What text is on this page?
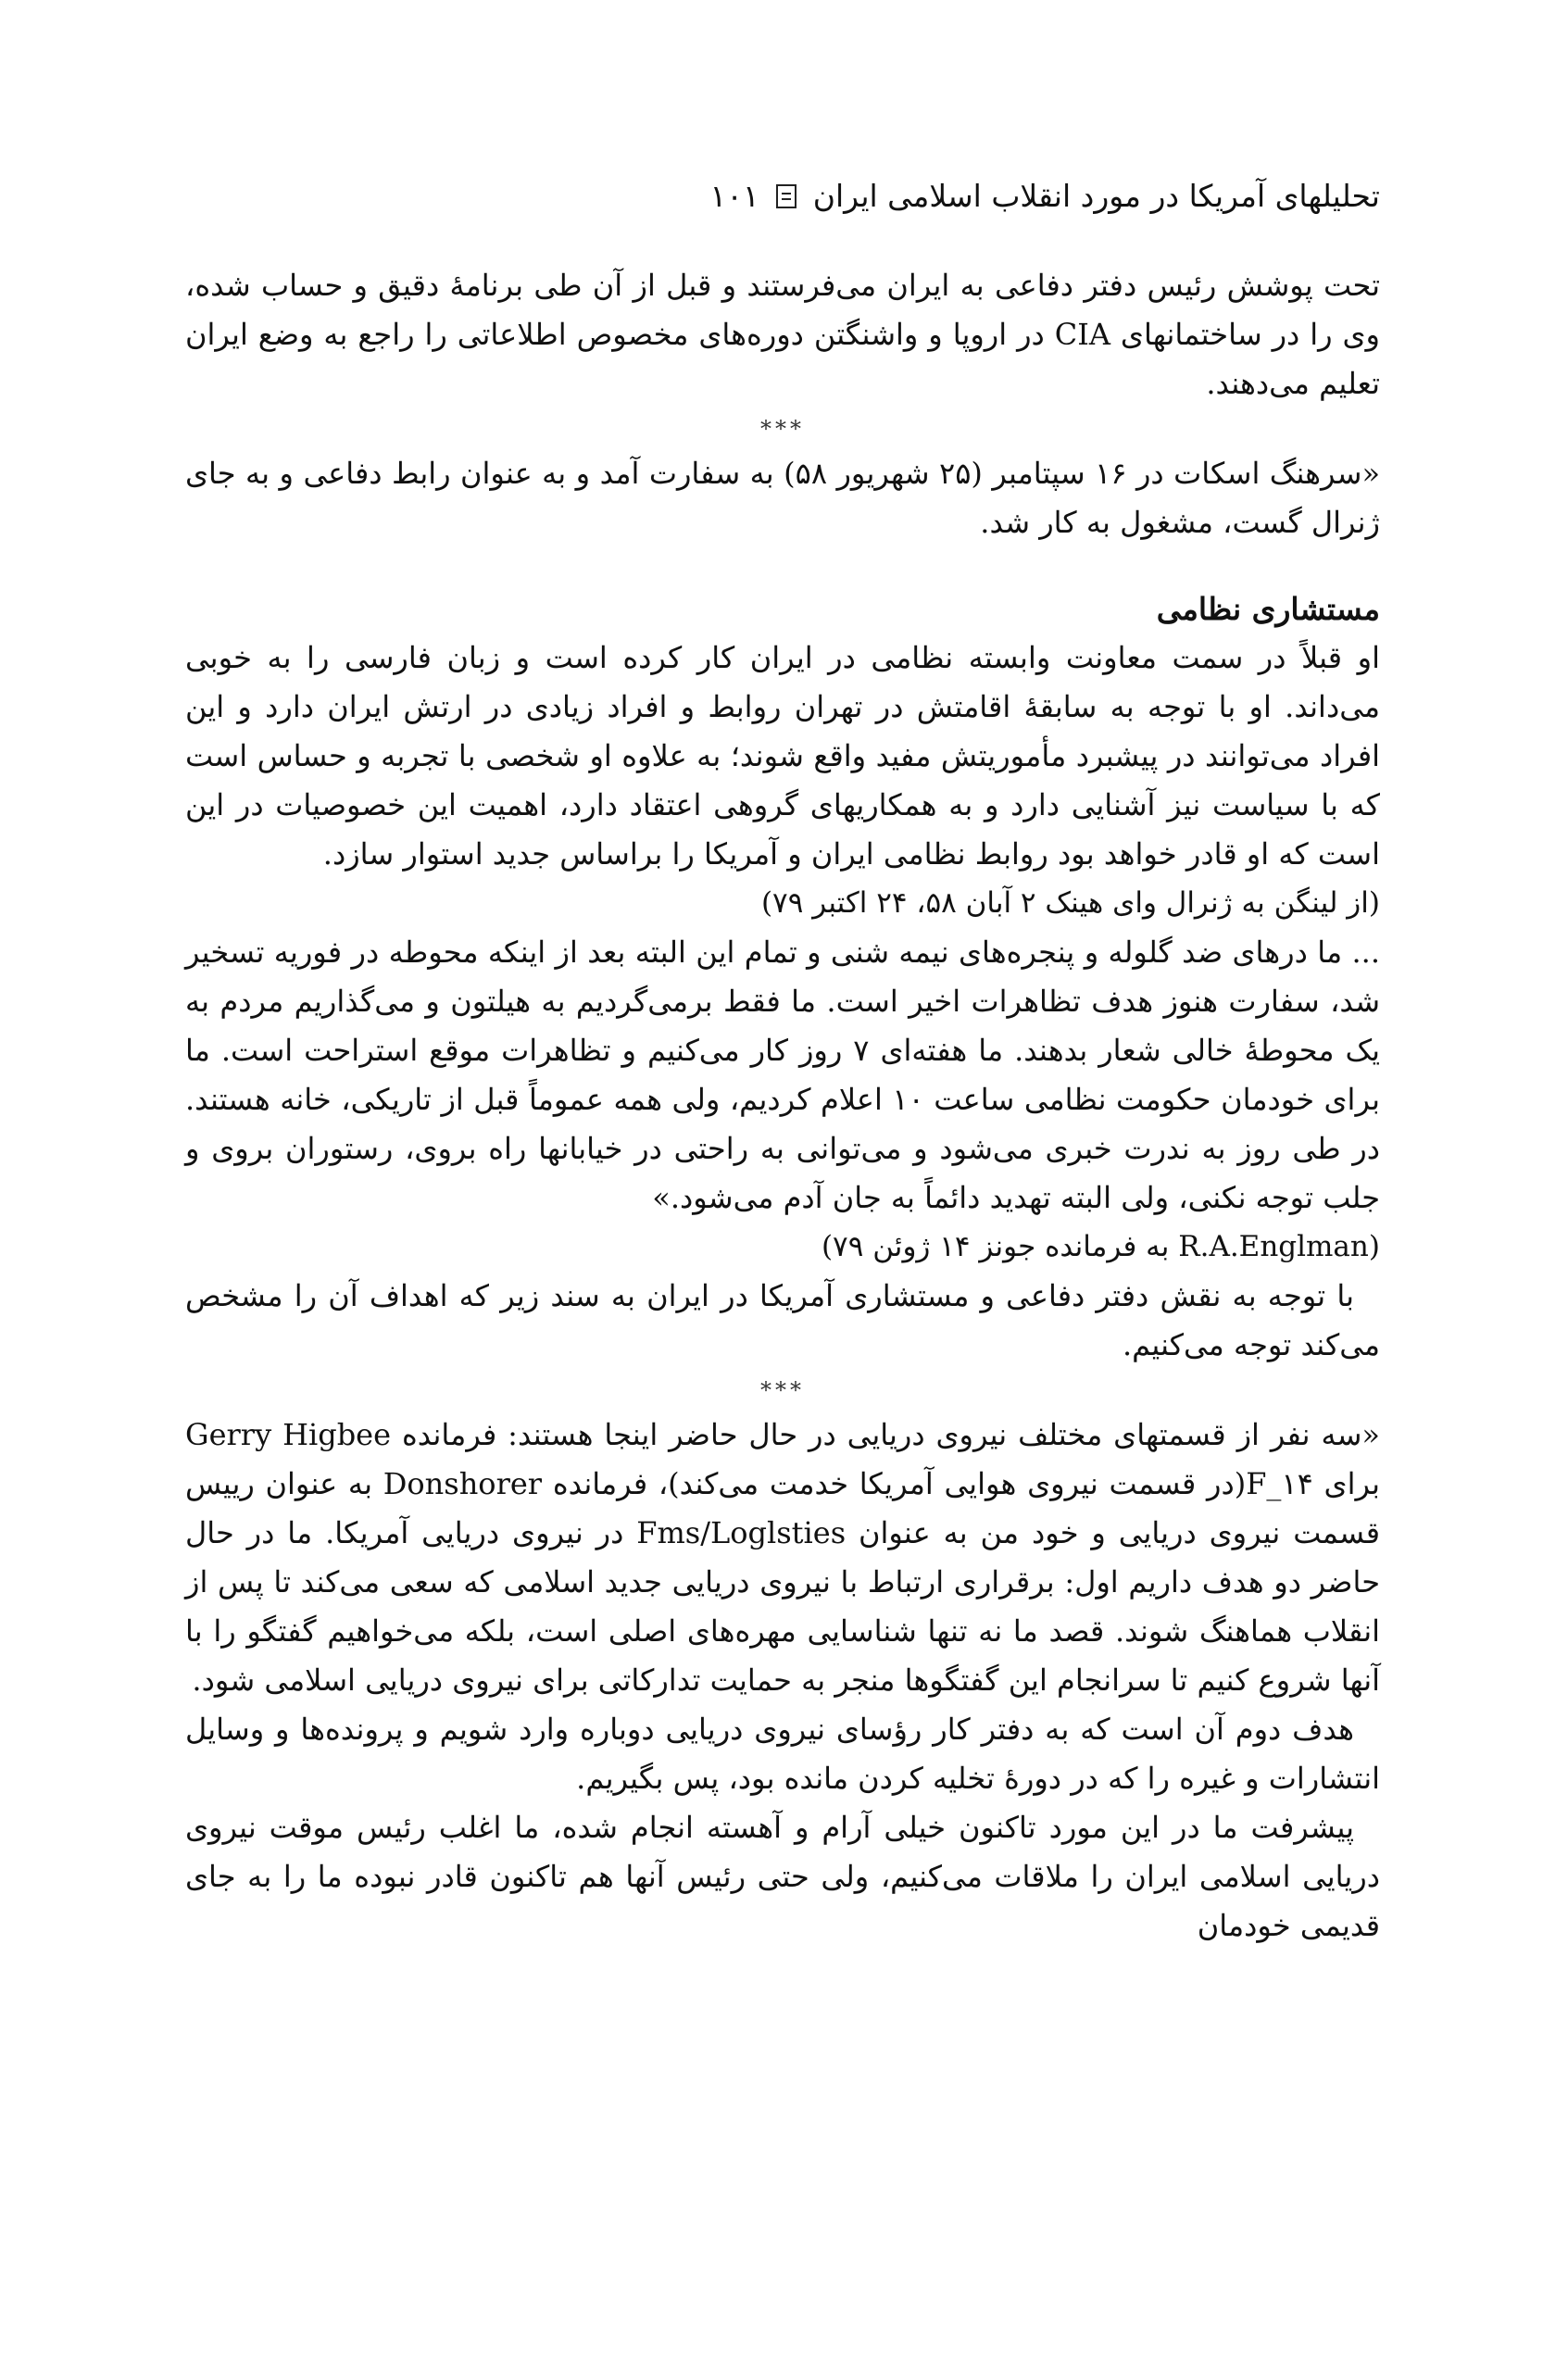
تحلیلهای آمریکا در مورد انقلاب اسلامی ایران
۱۰۱

تحت پوشش رئیس دفتر دفاعی به ایران می‌فرستند و قبل از آن طی برنامهٔ دقیق و حساب شده، وی را در ساختمانهای CIA در اروپا و واشنگتن دوره‌های مخصوص اطلاعاتی را راجع به وضع ایران تعلیم می‌دهند.

***

«سرهنگ اسکات در ۱۶ سپتامبر (۲۵ شهریور ۵۸) به سفارت آمد و به عنوان رابط دفاعی و به جای ژنرال گست، مشغول به کار شد.

مستشاری نظامی

او قبلاً در سمت معاونت وابسته نظامی در ایران کار کرده است و زبان فارسی را به خوبی می‌داند. او با توجه به سابقهٔ اقامتش در تهران روابط و افراد زیادی در ارتش ایران دارد و این افراد می‌توانند در پیشبرد مأموریتش مفید واقع شوند؛ به علاوه او شخصی با تجربه و حساس است که با سیاست نیز آشنایی دارد و به همکاریهای گروهی اعتقاد دارد، اهمیت این خصوصیات در این است که او قادر خواهد بود روابط نظامی ایران و آمریکا را براساس جدید استوار سازد.

(از لینگن به ژنرال وای هینک ۲ آبان ۵۸، ۲۴ اکتبر ۷۹)

... ما درهای ضد گلوله و پنجره‌های نیمه شنی و تمام این البته بعد از اینکه محوطه در فوریه تسخیر شد، سفارت هنوز هدف تظاهرات اخیر است. ما فقط برمی‌گردیم به هیلتون و می‌گذاریم مردم به یک محوطهٔ خالی شعار بدهند. ما هفته‌ای ۷ روز کار می‌کنیم و تظاهرات موقع استراحت است. ما برای خودمان حکومت نظامی ساعت ۱۰ اعلام کردیم، ولی همه عموماً قبل از تاریکی، خانه هستند. در طی روز به ندرت خبری می‌شود و می‌توانی به راحتی در خیابانها راه بروی، رستوران بروی و جلب توجه نکنی، ولی البته تهدید دائماً به جان آدم می‌شود.»

(R.A.Englman به فرمانده جونز ۱۴ ژوئن ۷۹)

با توجه به نقش دفتر دفاعی و مستشاری آمریکا در ایران به سند زیر که اهداف آن را مشخص می‌کند توجه می‌کنیم.

***

«سه نفر از قسمتهای مختلف نیروی دریایی در حال حاضر اینجا هستند: فرمانده Gerry Higbee برای F_۱۴(در قسمت نیروی هوایی آمریکا خدمت می‌کند)، فرمانده Donshorer به عنوان رییس قسمت نیروی دریایی و خود من به عنوان Fms/Loglsties در نیروی دریایی آمریکا. ما در حال حاضر دو هدف داریم اول: برقراری ارتباط با نیروی دریایی جدید اسلامی که سعی می‌کند تا پس از انقلاب هماهنگ شوند. قصد ما نه تنها شناسایی مهره‌های اصلی است، بلکه می‌خواهیم گفتگو را با آنها شروع کنیم تا سرانجام این گفتگوها منجر به حمایت تدارکاتی برای نیروی دریایی اسلامی شود.

هدف دوم آن است که به دفتر کار رؤسای نیروی دریایی دوباره وارد شویم و پرونده‌ها و وسایل انتشارات و غیره را که در دورهٔ تخلیه کردن مانده بود، پس بگیریم.

پیشرفت ما در این مورد تاکنون خیلی آرام و آهسته انجام شده، ما اغلب رئیس موقت نیروی دریایی اسلامی ایران را ملاقات می‌کنیم، ولی حتی رئیس آنها هم تاکنون قادر نبوده ما را به جای قدیمی خودمان
